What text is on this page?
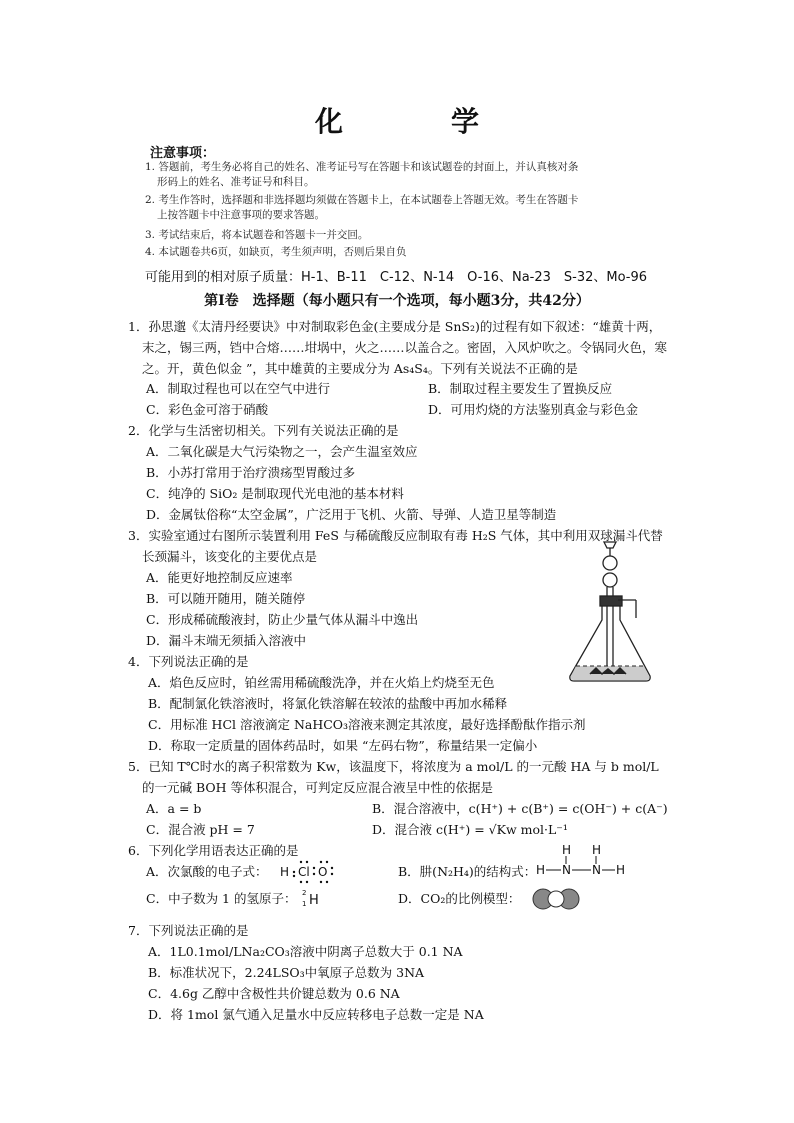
化　学
注意事项：
1. 答题前，考生务必将自己的姓名、准考证号写在答题卡和该试题卷的封面上，并认真核对条
形码上的姓名、准考证号和科目。
2. 考生作答时，选择题和非选择题均须做在答题卡上，在本试题卷上答题无效。考生在答题卡
上按答题卡中注意事项的要求答题。
3. 考试结束后，将本试题卷和答题卡一并交回。
4. 本试题卷共6页，如缺页，考生须声明，否则后果自负
可能用到的相对原子质量：H-1、B-11　C-12、N-14　O-16、Na-23　S-32、Mo-96
第Ⅰ卷　选择题（每小题只有一个选项，每小题3分，共42分）
1．孙思邈《太清丹经要诀》中对制取彩色金(主要成分是 SnS₂)的过程有如下叙述：“雄黄十两，末之，锡三两，铛中合熔……坩埚中，火之……以盖合之。密固，入风炉吹之。令锅同火色，寒之。开，黄色似金 ”，其中雄黄的主要成分为 As₄S₄。下列有关说法不正确的是
A．制取过程也可以在空气中进行	B．制取过程主要发生了置换反应
C．彩色金可溶于硝酸	D．可用灼烧的方法鉴别真金与彩色金
2．化学与生活密切相关。下列有关说法正确的是
A．二氧化碳是大气污染物之一，会产生温室效应
B．小苏打常用于治疗溃疡型胃酸过多
C．纯净的 SiO₂ 是制取现代光电池的基本材料
D．金属钛俗称“太空金属”，广泛用于飞机、火箭、导弹、人造卫星等制造
3．实验室通过右图所示装置利用 FeS 与稀硫酸反应制取有毒 H₂S 气体，其中利用双球漏斗代替长颈漏斗，该变化的主要优点是
A．能更好地控制反应速率
B．可以随开随用，随关随停
C．形成稀硫酸液封，防止少量气体从漏斗中逸出
D．漏斗末端无须插入溶液中
4．下列说法正确的是
A．焰色反应时，铂丝需用稀硫酸洗净，并在火焰上灼烧至无色
B．配制氯化铁溶液时，将氯化铁溶解在较浓的盐酸中再加水稀释
C．用标准 HCl 溶液滴定 NaHCO₃溶液来测定其浓度，最好选择酚酞作指示剂
D．称取一定质量的固体药品时，如果 “左码右物”，称量结果一定偏小
5．已知 T℃时水的离子积常数为 Kw，该温度下，将浓度为 a mol/L 的一元酸 HA 与 b mol/L 的一元碱 BOH 等体积混合，可判定反应混合液呈中性的依据是
A．a = b	B．混合溶液中，c(H⁺) + c(B⁺) = c(OH⁻) + c(A⁻)
C．混合液 pH = 7	D．混合液 c(H⁺) = √Kw mol·L⁻¹
6．下列化学用语表达正确的是
A．次氯酸的电子式： H Cl O	B．肼(N₂H₄)的结构式：
H H
H N N H
C．中子数为 1 的氢原子： 2
1 H	D．CO₂的比例模型：
7．下列说法正确的是
A．1L0.1mol/LNa₂CO₃溶液中阴离子总数大于 0.1 NA
B．标准状况下，2.24LSO₃中氧原子总数为 3NA
C．4.6g 乙醇中含极性共价键总数为 0.6 NA
D．将 1mol 氯气通入足量水中反应转移电子总数一定是 NA
